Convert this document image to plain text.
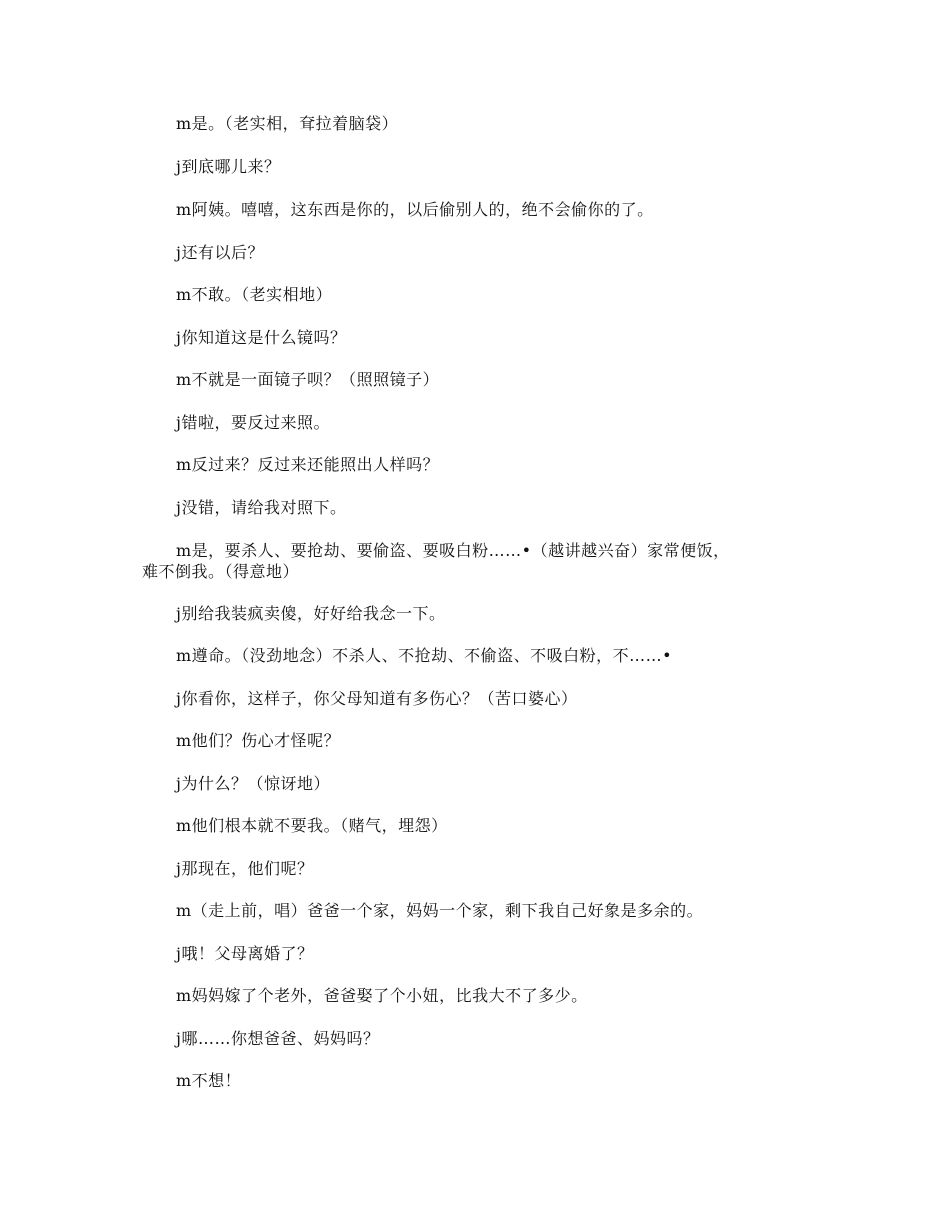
m是。（老实相，耷拉着脑袋）
j到底哪儿来？
m阿姨。嘻嘻，这东西是你的，以后偷别人的，绝不会偷你的了。
j还有以后？
m不敢。（老实相地）
j你知道这是什么镜吗？
m不就是一面镜子呗？（照照镜子）
j错啦，要反过来照。
m反过来？反过来还能照出人样吗？
j没错，请给我对照下。
m是，要杀人、要抢劫、要偷盗、要吸白粉……•（越讲越兴奋）家常便饭，
难不倒我。（得意地）
j别给我装疯卖傻，好好给我念一下。
m遵命。（没劲地念）不杀人、不抢劫、不偷盗、不吸白粉，不……•
j你看你，这样子，你父母知道有多伤心？（苦口婆心）
m他们？伤心才怪呢？
j为什么？（惊讶地）
m他们根本就不要我。（赌气，埋怨）
j那现在，他们呢？
m（走上前，唱）爸爸一个家，妈妈一个家，剩下我自己好象是多余的。
j哦！父母离婚了？
m妈妈嫁了个老外，爸爸娶了个小妞，比我大不了多少。
j哪……你想爸爸、妈妈吗？
m不想！
